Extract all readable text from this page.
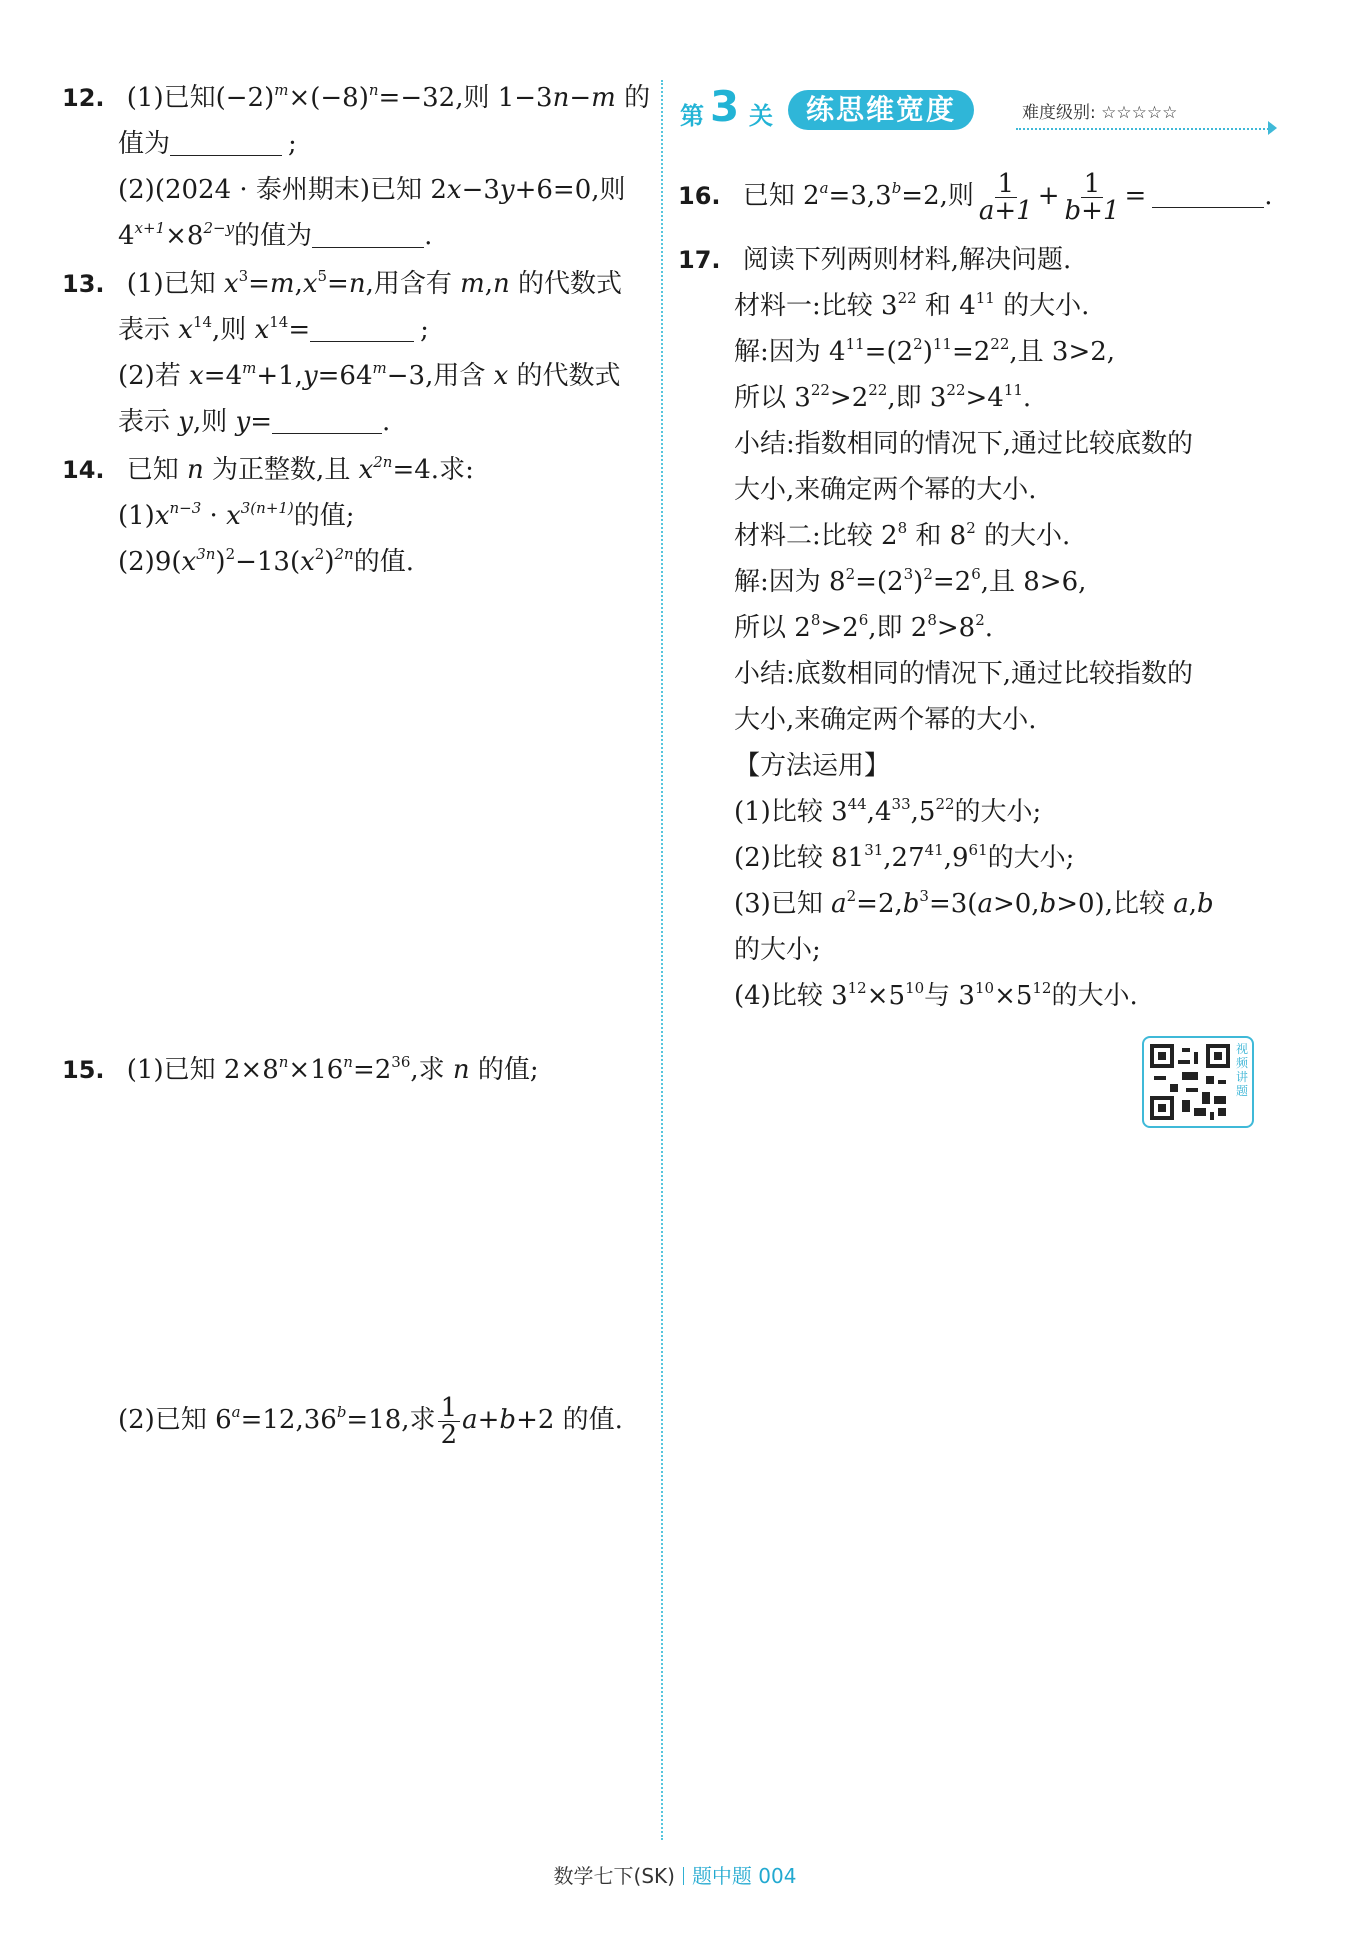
12. (1)已知$(-2)^m\times(-8)^n=-32$,则 1−3n−m 的
值为	;
(2)(2024 · 泰州期末)已知 2x−3y+6=0,则
$4^{x+1}\times 8^{2-y}$的值为	.
13. (1)已知 $x^3=m,x^5=n$,用含有 m,n 的代数式
表示 $x^{14}$,则 $x^{14}=$	;
(2)若 $x=4^m+1,y=64^m-3$,用含 x 的代数式
表示 y,则 y=	.
14. 已知 n 为正整数,且 $x^{2n}=4$.求:
$(1)x^{n-3} \cdot x^{3(n+1)}$的值;
$(2)9(x^{3n})^2-13(x^2)^{2n}$的值.
15. (1)已知 $2\times 8^n\times 16^n=2^{36}$,求 n 的值;
(2)已知 $6^a=12,36^b=18$,求 $\frac{1}{2} a+b+2$ 的值.
第 3 关	练思维宽度	难度级别: ☆☆☆☆☆
16. 已知 $2^a=3,3^b=2$,则 $\frac{1}{a+1} + \frac{1}{b+1}$ =	.
17. 阅读下列两则材料,解决问题.
材料一:比较 $3^{22}$ 和 $4^{11}$ 的大小.
解:因为 $4^{11}=(2^2)^{11}=2^{22}$,且 3>2,
所以 $3^{22}>2^{22}$,即 $3^{22}>4^{11}$.
小结:指数相同的情况下,通过比较底数的
大小,来确定两个幂的大小.
材料二:比较 $2^8$ 和 $8^2$ 的大小.
解:因为 $8^2=(2^3)^2=2^6$,且 8>6,
所以 $2^8>2^6$,即 $2^8>8^2$.
小结:底数相同的情况下,通过比较指数的
大小,来确定两个幂的大小.
【方法运用】
(1)比较 $3^{44},4^{33},5^{22}$的大小;
(2)比较 $81^{31},27^{41},9^{61}$的大小;
(3)已知 $a^2=2,b^3=3(a>0,b>0)$,比较 a,b
的大小;
(4)比较 $3^{12}\times 5^{10}$与 $3^{10}\times 5^{12}$的大小.
视频讲题
数学七下(SK) 题中题 004
